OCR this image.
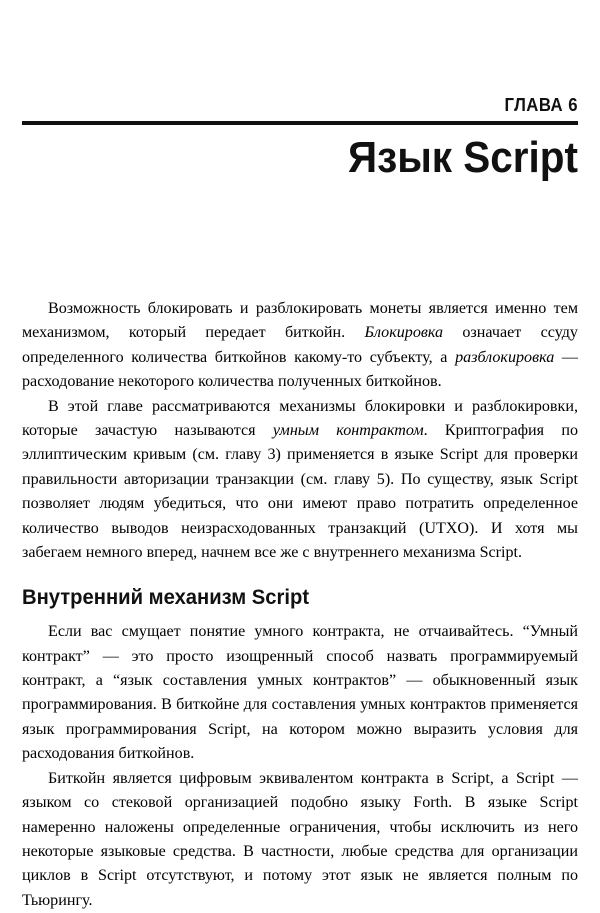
ГЛАВА 6
Язык Script

Возможность блокировать и разблокировать монеты является именно тем механизмом, который передает биткойн. Блокировка означает ссуду определенного количества биткойнов какому-то субъекту, а разблокировка — расходование некоторого количества полученных биткойнов.

В этой главе рассматриваются механизмы блокировки и разблокировки, которые зачастую называются умным контрактом. Криптография по эллиптическим кривым (см. главу 3) применяется в языке Script для проверки правильности авторизации транзакции (см. главу 5). По существу, язык Script позволяет людям убедиться, что они имеют право потратить определенное количество выводов неизрасходованных транзакций (UTXO). И хотя мы забегаем немного вперед, начнем все же с внутреннего механизма Script.

Внутренний механизм Script

Если вас смущает понятие умного контракта, не отчаивайтесь. “Умный контракт” — это просто изощренный способ назвать программируемый контракт, а “язык составления умных контрактов” — обыкновенный язык программирования. В биткойне для составления умных контрактов применяется язык программирования Script, на котором можно выразить условия для расходования биткойнов.

Биткойн является цифровым эквивалентом контракта в Script, a Script — языком со стековой организацией подобно языку Forth. В языке Script намеренно наложены определенные ограничения, чтобы исключить из него некоторые языковые средства. В частности, любые средства для организации циклов в Script отсутствуют, и потому этот язык не является полным по Тьюрингу.
